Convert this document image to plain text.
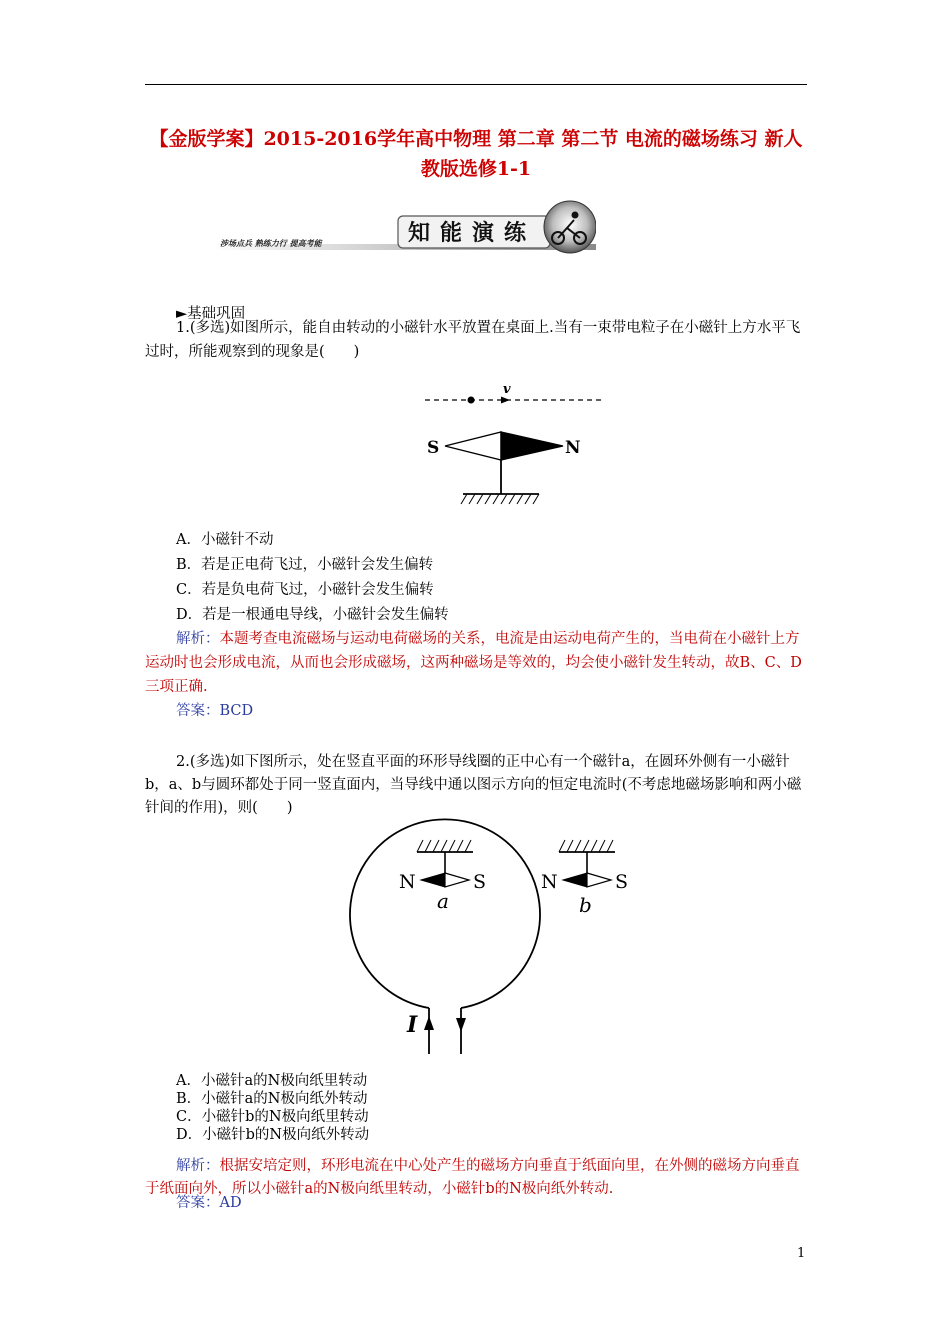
【金版学案】2015-2016学年高中物理 第二章 第二节 电流的磁场练习 新人教版选修1-1
涉场点兵 熟练力行 提高考能	知能演练
►基础巩固
1.(多选)如图所示，能自由转动的小磁针水平放置在桌面上.当有一束带电粒子在小磁针上方水平飞过时，所能观察到的现象是(　　)
v
S	N
A．小磁针不动
B．若是正电荷飞过，小磁针会发生偏转
C．若是负电荷飞过，小磁针会发生偏转
D．若是一根通电导线，小磁针会发生偏转
解析：本题考查电流磁场与运动电荷磁场的关系，电流是由运动电荷产生的，当电荷在小磁针上方运动时也会形成电流，从而也会形成磁场，这两种磁场是等效的，均会使小磁针发生转动，故B、C、D三项正确.
答案：BCD
2.(多选)如下图所示，处在竖直平面的环形导线圈的正中心有一个磁针a，在圆环外侧有一小磁针b，a、b与圆环都处于同一竖直面内，当导线中通以图示方向的恒定电流时(不考虑地磁场影响和两小磁针间的作用)，则(　　)
I
N	S
a
N	S
b
A．小磁针a的N极向纸里转动
B．小磁针a的N极向纸外转动
C．小磁针b的N极向纸里转动
D．小磁针b的N极向纸外转动
解析：根据安培定则，环形电流在中心处产生的磁场方向垂直于纸面向里，在外侧的磁场方向垂直于纸面向外，所以小磁针a的N极向纸里转动，小磁针b的N极向纸外转动.
答案：AD
1
